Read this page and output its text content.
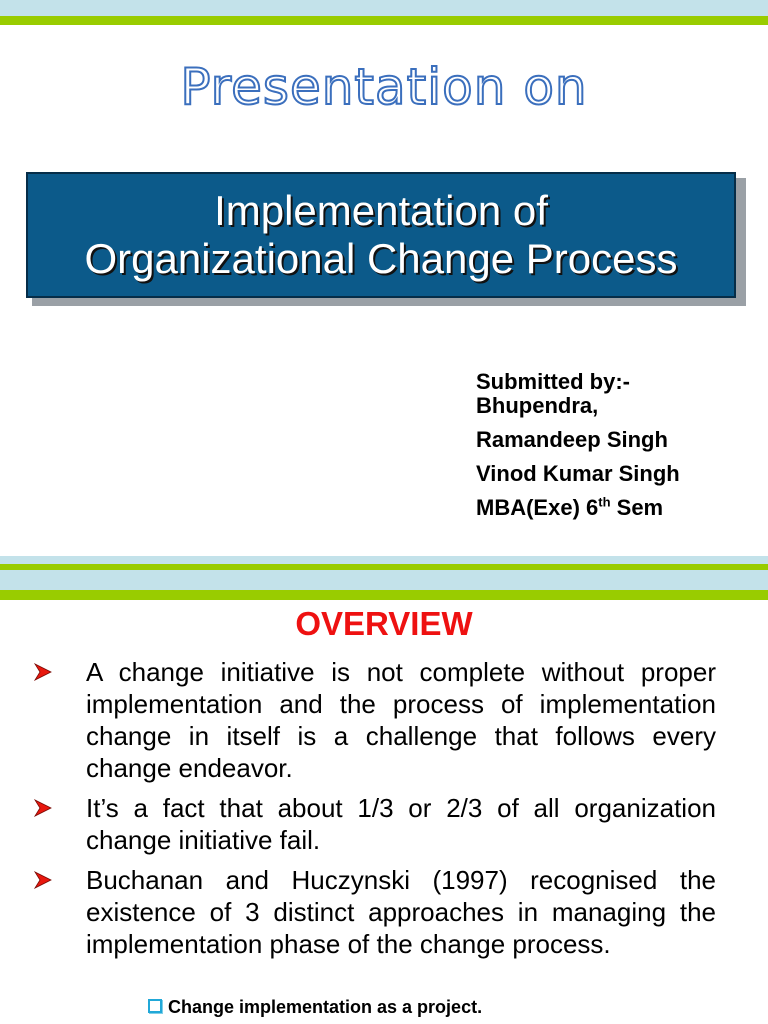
Presentation on
Implementation of
Organizational Change Process
Submitted by:-
Bhupendra,
Ramandeep Singh
Vinod Kumar Singh
MBA(Exe) 6th Sem
OVERVIEW
A change initiative is not complete without proper implementation and the process of implementation change in itself is a challenge that follows every change endeavor.
It’s a fact that about 1/3 or 2/3 of all organization change initiative fail.
Buchanan and Huczynski (1997) recognised the existence of 3 distinct approaches in managing the implementation phase of the change process.
Change implementation as a project.
